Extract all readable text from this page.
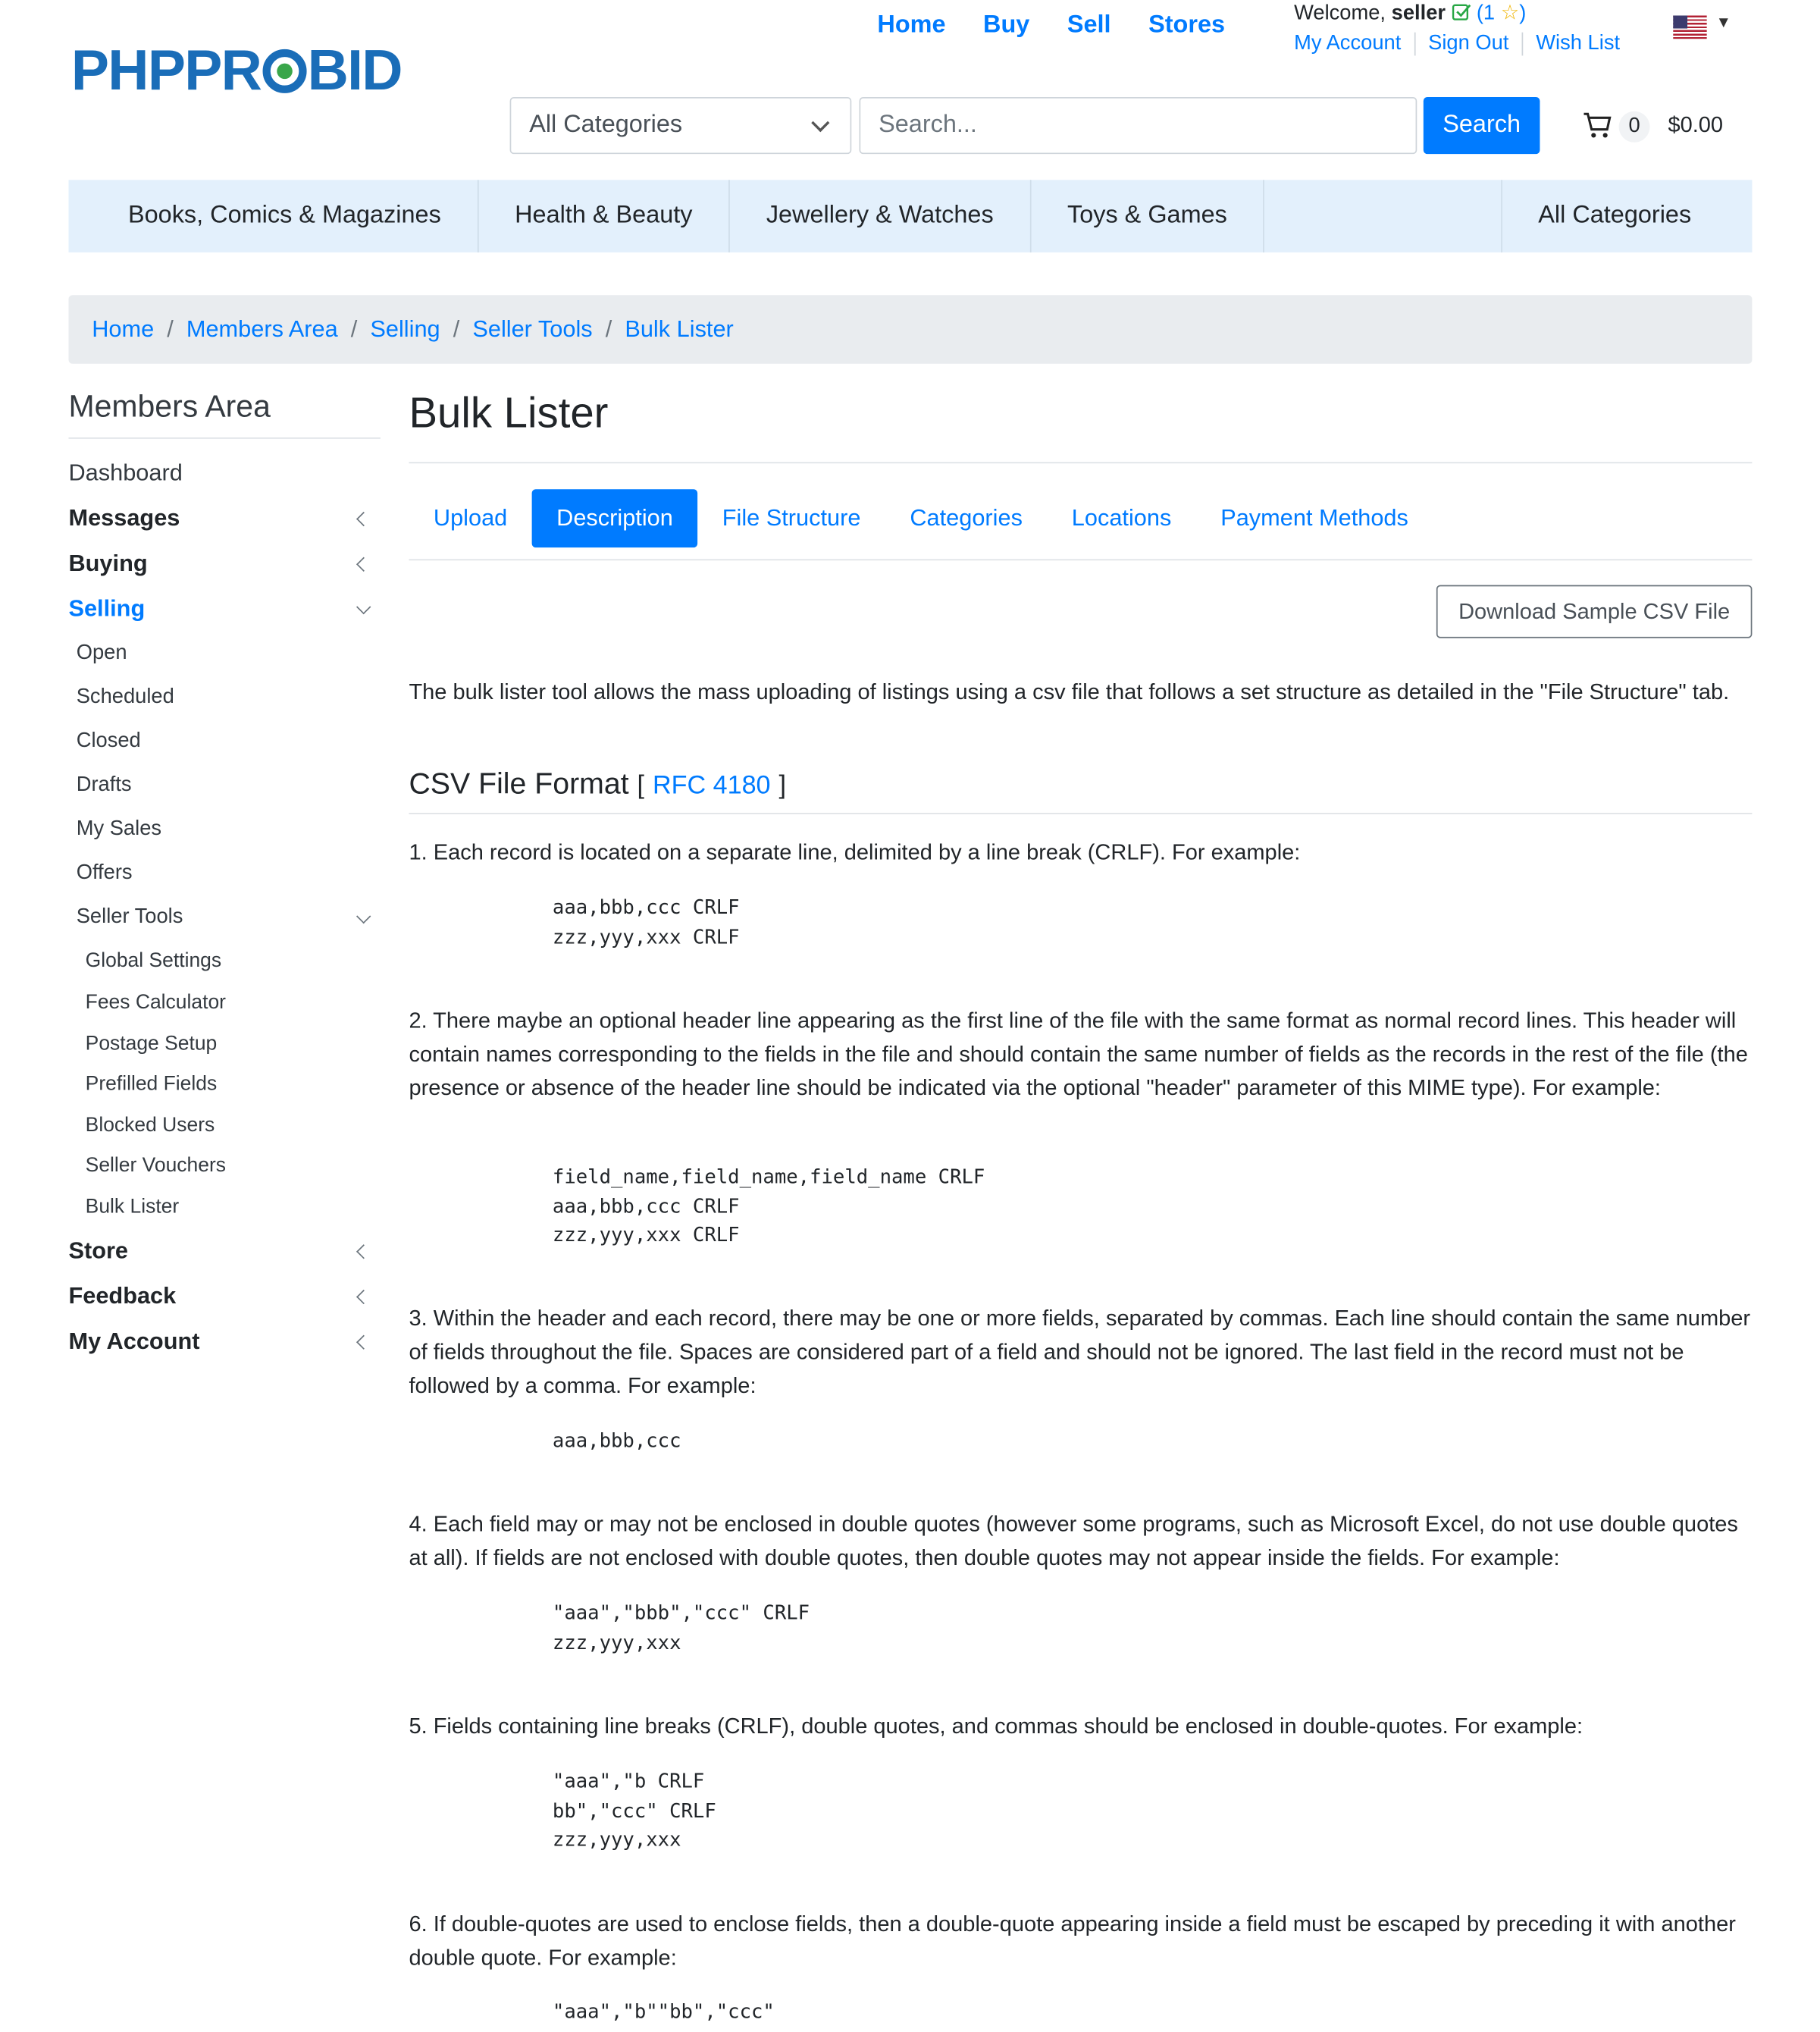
PHPPR BID
Home	Buy	Sell	Stores	Welcome, seller	(1 ☆)
My Account	Sign Out	Wish List
▼
All Categories	Search...	Search	0	$0.00
Books, Comics & Magazines	Health & Beauty	Jewellery & Watches	Toys & Games	All Categories
Home / Members Area / Selling / Seller Tools / Bulk Lister
Members Area
Dashboard
Messages
Buying
Selling
Open
Scheduled
Closed
Drafts
My Sales
Offers
Seller Tools
Global Settings
Fees Calculator
Postage Setup
Prefilled Fields
Blocked Users
Seller Vouchers
Bulk Lister
Store
Feedback
My Account
Bulk Lister
Upload	Description	File Structure	Categories	Locations	Payment Methods
Download Sample CSV File
The bulk lister tool allows the mass uploading of listings using a csv file that follows a set structure as detailed in the "File Structure" tab.
CSV File Format [ RFC 4180 ]
1. Each record is located on a separate line, delimited by a line break (CRLF). For example:
aaa,bbb,ccc CRLF
zzz,yyy,xxx CRLF
2. There maybe an optional header line appearing as the first line of the file with the same format as normal record lines. This header will contain names corresponding to the fields in the file and should contain the same number of fields as the records in the rest of the file (the presence or absence of the header line should be indicated via the optional "header" parameter of this MIME type). For example:
field_name,field_name,field_name CRLF
aaa,bbb,ccc CRLF
zzz,yyy,xxx CRLF
3. Within the header and each record, there may be one or more fields, separated by commas. Each line should contain the same number of fields throughout the file. Spaces are considered part of a field and should not be ignored. The last field in the record must not be followed by a comma. For example:
aaa,bbb,ccc
4. Each field may or may not be enclosed in double quotes (however some programs, such as Microsoft Excel, do not use double quotes at all). If fields are not enclosed with double quotes, then double quotes may not appear inside the fields. For example:
"aaa","bbb","ccc" CRLF
zzz,yyy,xxx
5. Fields containing line breaks (CRLF), double quotes, and commas should be enclosed in double-quotes. For example:
"aaa","b CRLF
bb","ccc" CRLF
zzz,yyy,xxx
6. If double-quotes are used to enclose fields, then a double-quote appearing inside a field must be escaped by preceding it with another double quote. For example:
"aaa","b""bb","ccc"
